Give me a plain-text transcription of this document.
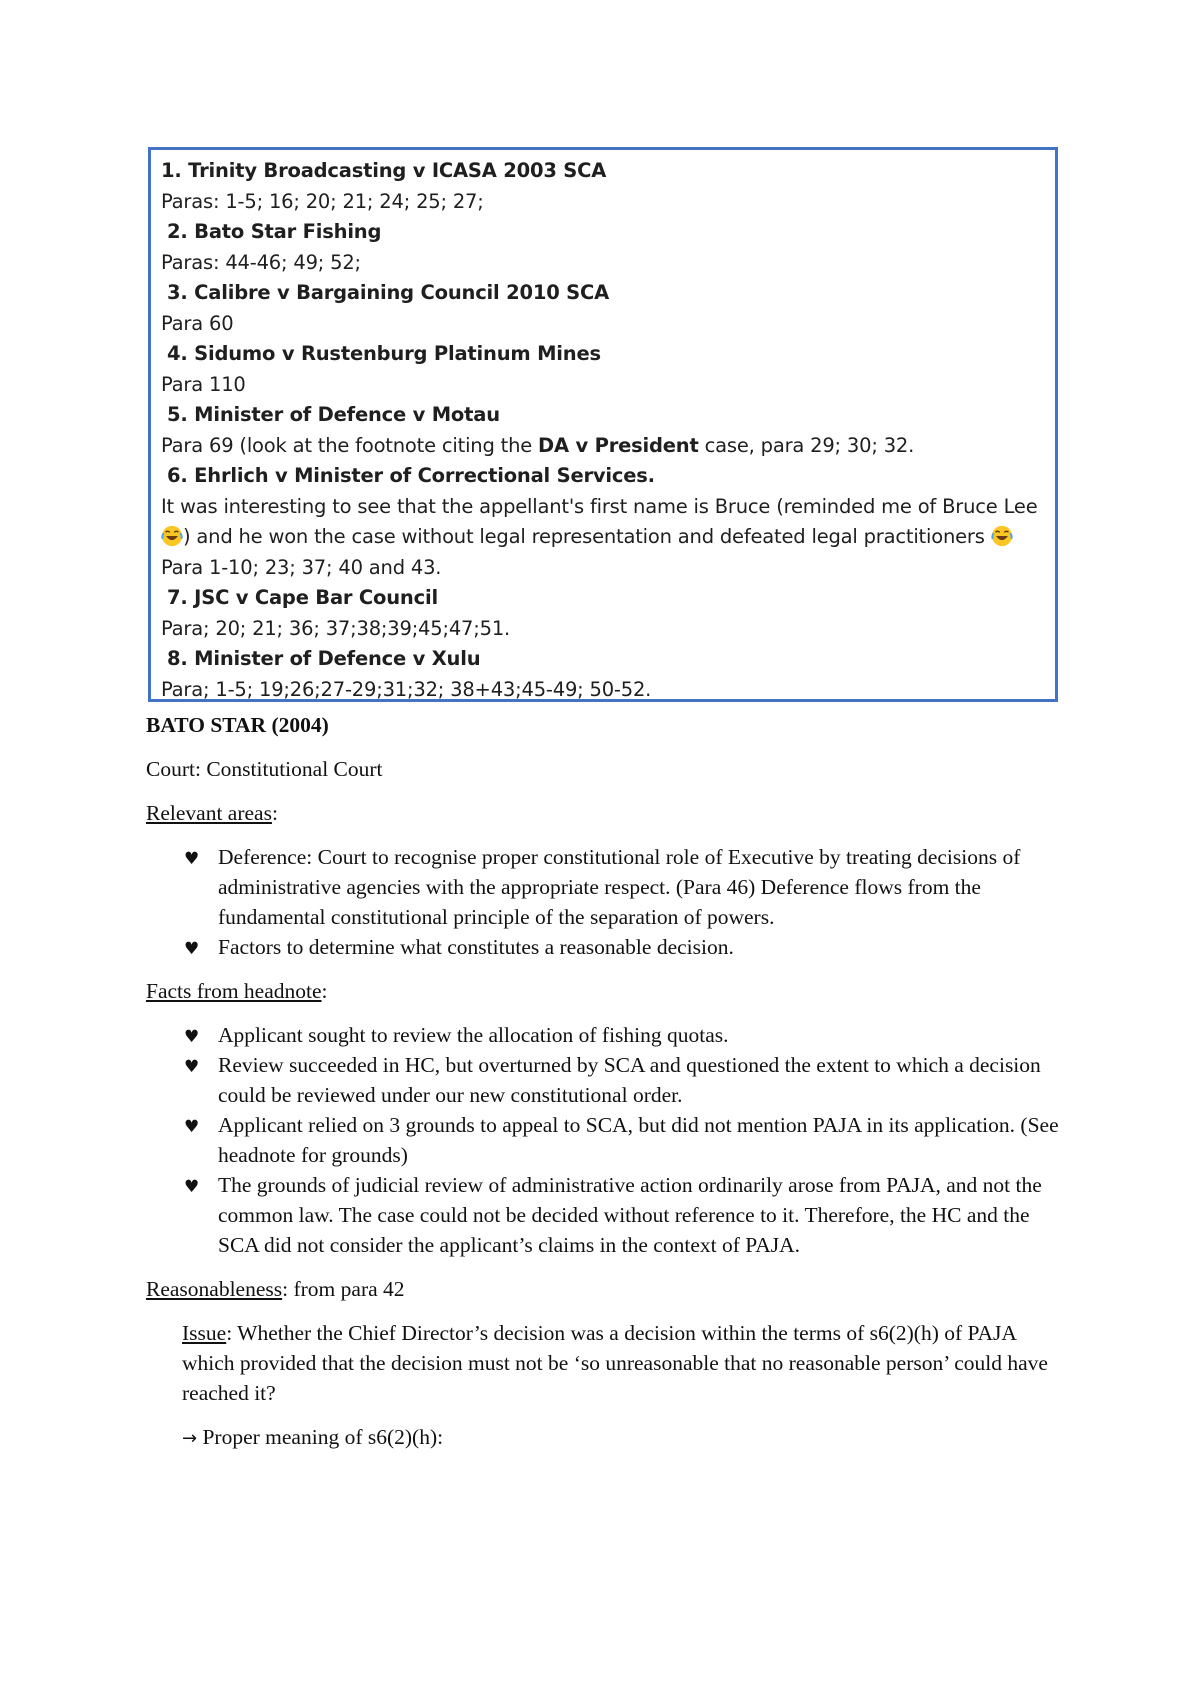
1. Trinity Broadcasting v ICASA 2003 SCA
Paras: 1-5; 16; 20; 21; 24; 25; 27;
2. Bato Star Fishing
Paras: 44-46; 49; 52;
3. Calibre v Bargaining Council 2010 SCA
Para 60
4. Sidumo v Rustenburg Platinum Mines
Para 110
5. Minister of Defence v Motau
Para 69 (look at the footnote citing the DA v President case, para 29; 30; 32.
6. Ehrlich v Minister of Correctional Services.
It was interesting to see that the appellant's first name is Bruce (reminded me of Bruce Lee
) and he won the case without legal representation and defeated legal practitioners
Para 1-10; 23; 37; 40 and 43.
7. JSC v Cape Bar Council
Para; 20; 21; 36; 37;38;39;45;47;51.
8. Minister of Defence v Xulu
Para; 1-5; 19;26;27-29;31;32; 38+43;45-49; 50-52.
BATO STAR (2004)
Court: Constitutional Court
Relevant areas:
♥ Deference: Court to recognise proper constitutional role of Executive by treating decisions of administrative agencies with the appropriate respect. (Para 46) Deference flows from the fundamental constitutional principle of the separation of powers.
♥ Factors to determine what constitutes a reasonable decision.
Facts from headnote:
♥ Applicant sought to review the allocation of fishing quotas.
♥ Review succeeded in HC, but overturned by SCA and questioned the extent to which a decision could be reviewed under our new constitutional order.
♥ Applicant relied on 3 grounds to appeal to SCA, but did not mention PAJA in its application. (See headnote for grounds)
♥ The grounds of judicial review of administrative action ordinarily arose from PAJA, and not the common law. The case could not be decided without reference to it. Therefore, the HC and the SCA did not consider the applicant’s claims in the context of PAJA.
Reasonableness: from para 42
Issue: Whether the Chief Director’s decision was a decision within the terms of s6(2)(h) of PAJA which provided that the decision must not be ‘so unreasonable that no reasonable person’ could have reached it?
→ Proper meaning of s6(2)(h):
